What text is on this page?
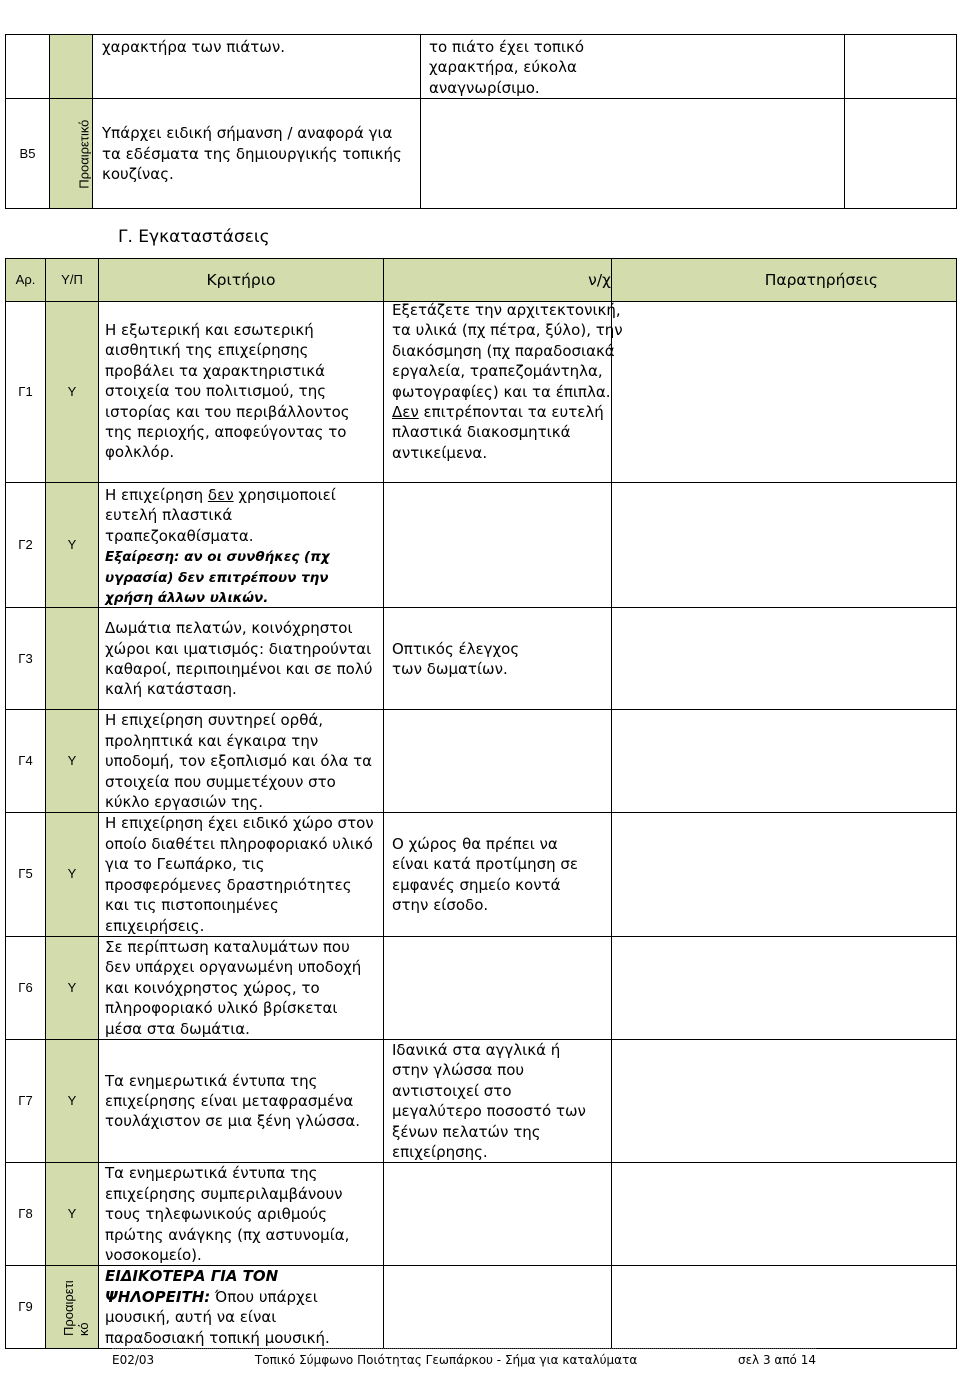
		χαρακτήρα των πιάτων.	το πιάτο έχει τοπικό χαρακτήρα, εύκολα αναγνωρίσιμο.	
Β5	Προαιρετικό	Υπάρχει ειδική σήμανση / αναφορά για τα εδέσματα της δημιουργικής τοπικής κουζίνας.		
Γ. Εγκαταστάσεις
Αρ.	Υ/Π	Κριτήριο	ν/χ	Παρατηρήσεις
Γ1	Υ	Η εξωτερική και εσωτερική αισθητική της επιχείρησης προβάλει τα χαρακτηριστικά στοιχεία του πολιτισμού, της ιστορίας και του περιβάλλοντος της περιοχής, αποφεύγοντας το φολκλόρ.	Εξετάζετε την αρχιτεκτονική, τα υλικά (πχ πέτρα, ξύλο), την διακόσμηση (πχ παραδοσιακά εργαλεία, τραπεζομάντηλα, φωτογραφίες) και τα έπιπλα. Δεν επιτρέπονται τα ευτελή πλαστικά διακοσμητικά αντικείμενα.	

Γ2	Υ	Η επιχείρηση δεν χρησιμοποιεί ευτελή πλαστικά τραπεζοκαθίσματα.
Εξαίρεση: αν οι συνθήκες (πχ υγρασία) δεν επιτρέπουν την χρήση άλλων υλικών.		
Γ3		Δωμάτια πελατών, κοινόχρηστοι χώροι και ιματισμός: διατηρούνται καθαροί, περιποιημένοι και σε πολύ καλή κατάσταση.	Οπτικός έλεγχος των δωματίων.	
Γ4	Υ	Η επιχείρηση συντηρεί ορθά, προληπτικά και έγκαιρα την υποδομή, τον εξοπλισμό και όλα τα στοιχεία που συμμετέχουν στο κύκλο εργασιών της.		
Γ5	Υ	Η επιχείρηση έχει ειδικό χώρο στον οποίο διαθέτει πληροφοριακό υλικό για το Γεωπάρκο, τις προσφερόμενες δραστηριότητες και τις πιστοποιημένες επιχειρήσεις.	Ο χώρος θα πρέπει να είναι κατά προτίμηση σε εμφανές σημείο κοντά στην είσοδο.	
Γ6	Υ	Σε περίπτωση καταλυμάτων που δεν υπάρχει οργανωμένη υποδοχή και κοινόχρηστος χώρος, το πληροφοριακό υλικό βρίσκεται μέσα στα δωμάτια.		
Γ7	Υ	Τα ενημερωτικά έντυπα της επιχείρησης είναι μεταφρασμένα τουλάχιστον σε μια ξένη γλώσσα.	Ιδανικά στα αγγλικά ή στην γλώσσα που αντιστοιχεί στο μεγαλύτερο ποσοστό των ξένων πελατών της επιχείρησης.	
Γ8	Υ	Τα ενημερωτικά έντυπα της επιχείρησης συμπεριλαμβάνουν τους τηλεφωνικούς αριθμούς πρώτης ανάγκης (πχ αστυνομία, νοσοκομείο).		
Γ9	Προαιρετι κό	ΕΙΔΙΚΟΤΕΡΑ ΓΙΑ ΤΟΝ ΨΗΛΟΡΕΙΤΗ: Όπου υπάρχει μουσική, αυτή να είναι παραδοσιακή τοπική μουσική.		
Ε02/03	Τοπικό Σύμφωνο Ποιότητας Γεωπάρκου - Σήμα για καταλύματα	σελ 3 από 14
